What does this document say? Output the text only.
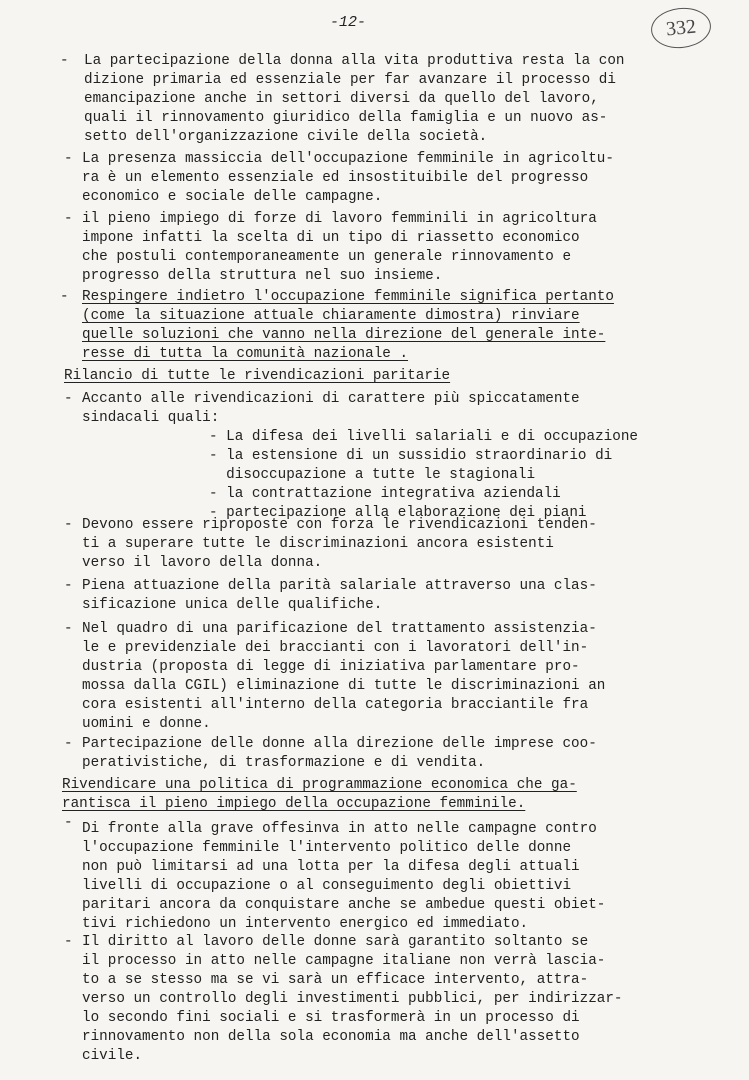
-12-	332
-	La partecipazione della donna alla vita produttiva resta la con
dizione primaria ed essenziale per far avanzare il processo di
emancipazione anche in settori diversi da quello del lavoro,
quali il rinnovamento giuridico della famiglia e un nuovo as-
setto dell'organizzazione civile della società.
- La presenza massiccia dell'occupazione femminile in agricoltu-
ra è un elemento essenziale ed insostituibile del progresso
economico e sociale delle campagne.
- il pieno impiego di forze di lavoro femminili in agricoltura
impone infatti la scelta di un tipo di riassetto economico
che postuli contemporaneamente un generale rinnovamento e
progresso della struttura nel suo insieme.
- Respingere indietro l'occupazione femminile significa pertanto
(come la situazione attuale chiaramente dimostra) rinviare
quelle soluzioni che vanno nella direzione del generale inte-
resse di tutta la comunità nazionale .
Rilancio di tutte le rivendicazioni paritarie
- Accanto alle rivendicazioni di carattere più spiccatamente
sindacali quali:
- La difesa dei livelli salariali e di occupazione
- la estensione di un sussidio straordinario di
disoccupazione a tutte le stagionali
- la contrattazione integrativa aziendali
- partecipazione alla elaborazione dei piani
- Devono essere riproposte con forza le rivendicazioni tenden-
ti a superare tutte le discriminazioni ancora esistenti
verso il lavoro della donna.
- Piena attuazione della parità salariale attraverso una clas-
sificazione unica delle qualifiche.
- Nel quadro di una parificazione del trattamento assistenzia-
le e previdenziale dei braccianti con i lavoratori dell'in-
dustria (proposta di legge di iniziativa parlamentare pro-
mossa dalla CGIL) eliminazione di tutte le discriminazioni an
cora esistenti all'interno della categoria bracciantile fra
uomini e donne.
- Partecipazione delle donne alla direzione delle imprese coo-
perativistiche, di trasformazione e di vendita.
Rivendicare una politica di programmazione economica che ga-
rantisca il pieno impiego della occupazione femminile.
- Di fronte alla grave offesinva in atto nelle campagne contro
l'occupazione femminile l'intervento politico delle donne
non può limitarsi ad una lotta per la difesa degli attuali
livelli di occupazione o al conseguimento degli obiettivi
paritari ancora da conquistare anche se ambedue questi obiet-
tivi richiedono un intervento energico ed immediato.
- Il diritto al lavoro delle donne sarà garantito soltanto se
il processo in atto nelle campagne italiane non verrà lascia-
to a se stesso ma se vi sarà un efficace intervento, attra-
verso un controllo degli investimenti pubblici, per indirizzar-
lo secondo fini sociali e si trasformerà in un processo di
rinnovamento non della sola economia ma anche dell'assetto
civile.
